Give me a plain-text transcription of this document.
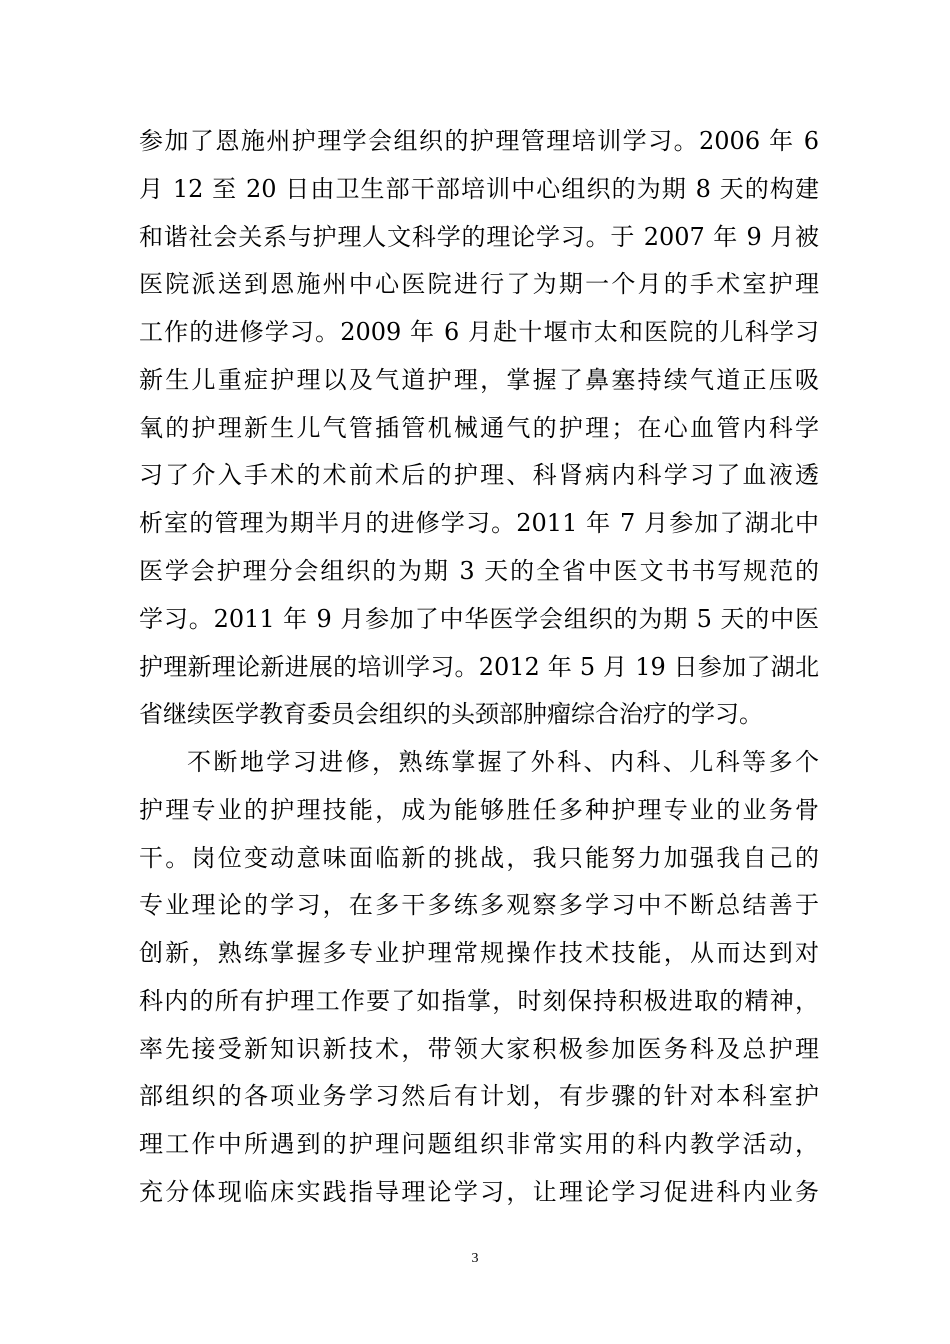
参加了恩施州护理学会组织的护理管理培训学习。2006 年 6
月 12 至 20 日由卫生部干部培训中心组织的为期 8 天的构建
和谐社会关系与护理人文科学的理论学习。于 2007 年 9 月被
医院派送到恩施州中心医院进行了为期一个月的手术室护理
工作的进修学习。2009 年 6 月赴十堰市太和医院的儿科学习
新生儿重症护理以及气道护理，掌握了鼻塞持续气道正压吸
氧的护理新生儿气管插管机械通气的护理；在心血管内科学
习了介入手术的术前术后的护理、科肾病内科学习了血液透
析室的管理为期半月的进修学习。2011 年 7 月参加了湖北中
医学会护理分会组织的为期 3 天的全省中医文书书写规范的
学习。2011 年 9 月参加了中华医学会组织的为期 5 天的中医
护理新理论新进展的培训学习。2012 年 5 月 19 日参加了湖北
省继续医学教育委员会组织的头颈部肿瘤综合治疗的学习。
不断地学习进修，熟练掌握了外科、内科、儿科等多个
护理专业的护理技能，成为能够胜任多种护理专业的业务骨
干。岗位变动意味面临新的挑战，我只能努力加强我自己的
专业理论的学习，在多干多练多观察多学习中不断总结善于
创新，熟练掌握多专业护理常规操作技术技能，从而达到对
科内的所有护理工作要了如指掌，时刻保持积极进取的精神，
率先接受新知识新技术，带领大家积极参加医务科及总护理
部组织的各项业务学习然后有计划，有步骤的针对本科室护
理工作中所遇到的护理问题组织非常实用的科内教学活动，
充分体现临床实践指导理论学习，让理论学习促进科内业务
3
